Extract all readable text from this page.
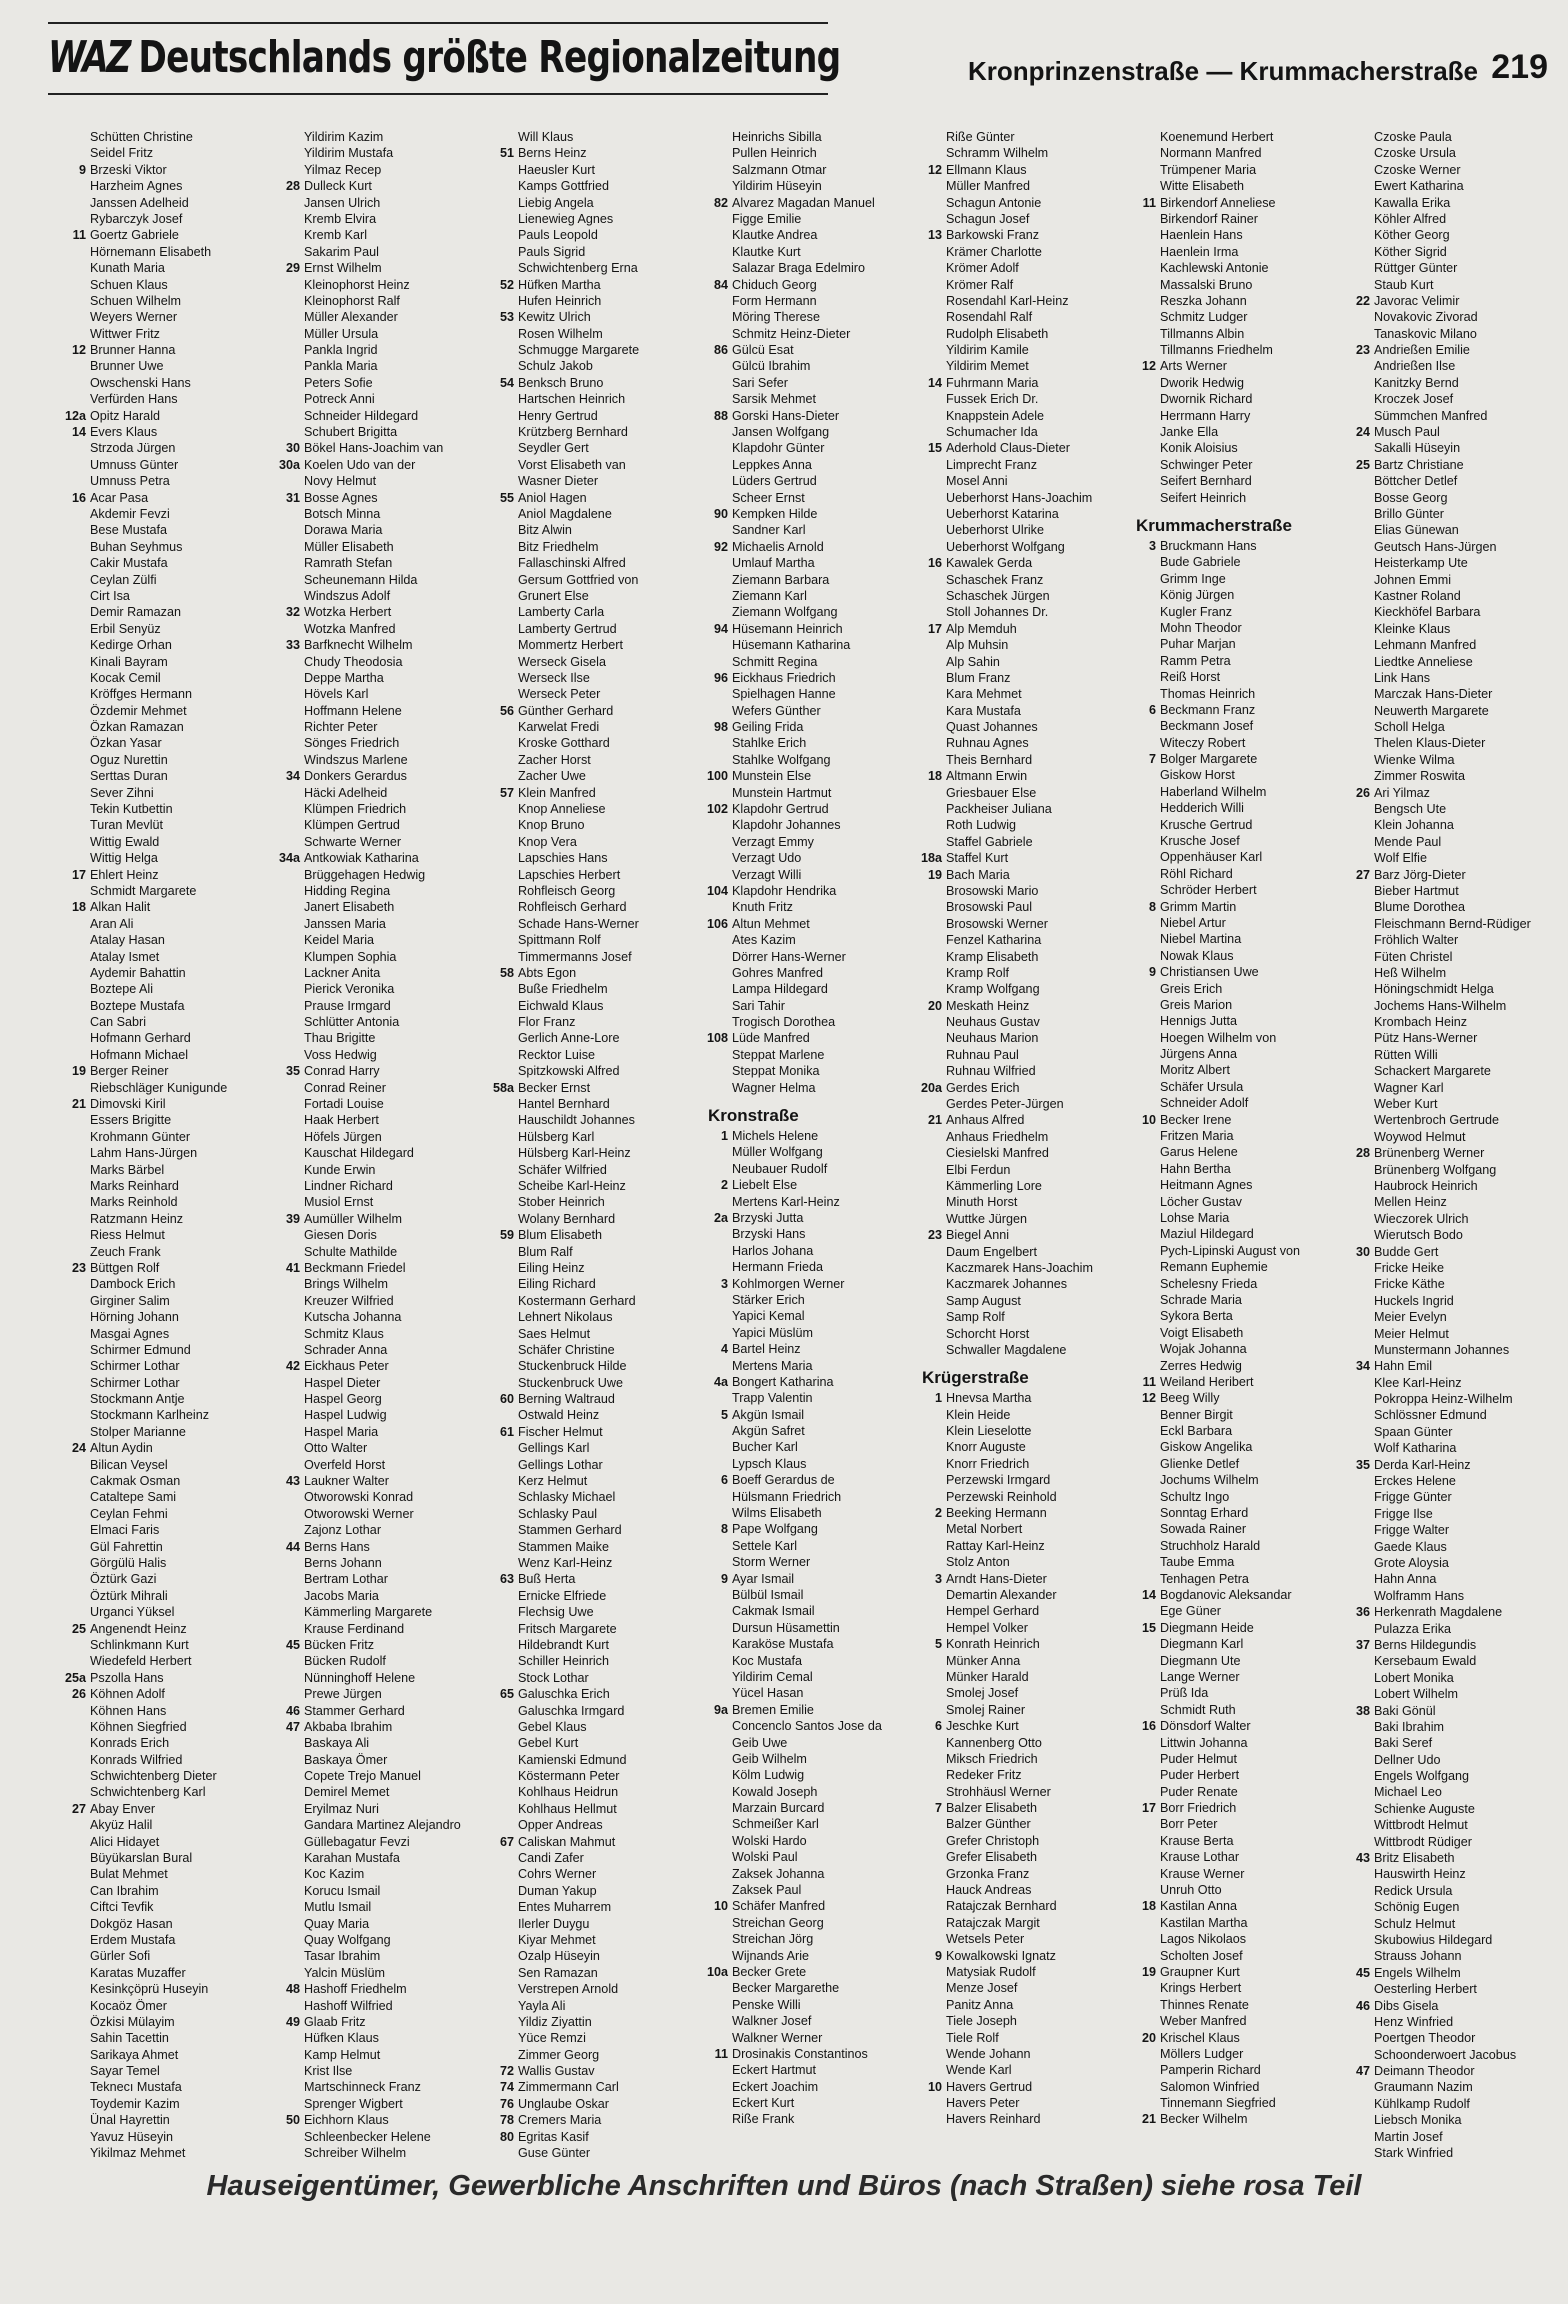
WAZ Deutschlands größte Regionalzeitung	Kronprinzenstraße — Krummacherstraße 219
Schütten Christine
Seidel Fritz
9 Brzeski Viktor
Harzheim Agnes
Janssen Adelheid
Rybarczyk Josef
11 Goertz Gabriele
Hörnemann Elisabeth
Kunath Maria
Schuen Klaus
Schuen Wilhelm
Weyers Werner
Wittwer Fritz
12 Brunner Hanna
Brunner Uwe
Owschenski Hans
Verfürden Hans
12a Opitz Harald
14 Evers Klaus
Strzoda Jürgen
Umnuss Günter
Umnuss Petra
16 Acar Pasa
Akdemir Fevzi
Bese Mustafa
Buhan Seyhmus
Cakir Mustafa
Ceylan Zülfi
Cirt Isa
Demir Ramazan
Erbil Senyüz
Kedirge Orhan
Kinali Bayram
Kocak Cemil
Kröffges Hermann
Özdemir Mehmet
Özkan Ramazan
Özkan Yasar
Oguz Nurettin
Serttas Duran
Sever Zihni
Tekin Kutbettin
Turan Mevlüt
Wittig Ewald
Wittig Helga
17 Ehlert Heinz
Schmidt Margarete
18 Alkan Halit
Aran Ali
Atalay Hasan
Atalay Ismet
Aydemir Bahattin
Boztepe Ali
Boztepe Mustafa
Can Sabri
Hofmann Gerhard
Hofmann Michael
19 Berger Reiner
Riebschläger Kunigunde
21 Dimovski Kiril
Essers Brigitte
Krohmann Günter
Lahm Hans-Jürgen
Marks Bärbel
Marks Reinhard
Marks Reinhold
Ratzmann Heinz
Riess Helmut
Zeuch Frank
23 Büttgen Rolf
Dambock Erich
Girginer Salim
Hörning Johann
Masgai Agnes
Schirmer Edmund
Schirmer Lothar
Schirmer Lothar
Stockmann Antje
Stockmann Karlheinz
Stolper Marianne
24 Altun Aydin
Bilican Veysel
Cakmak Osman
Cataltepe Sami
Ceylan Fehmi
Elmaci Faris
Gül Fahrettin
Görgülü Halis
Öztürk Gazi
Öztürk Mihrali
Urganci Yüksel
25 Angenendt Heinz
Schlinkmann Kurt
Wiedefeld Herbert
25a Pszolla Hans
26 Köhnen Adolf
Köhnen Hans
Köhnen Siegfried
Konrads Erich
Konrads Wilfried
Schwichtenberg Dieter
Schwichtenberg Karl
27 Abay Enver
Akyüz Halil
Alici Hidayet
Büyükarslan Bural
Bulat Mehmet
Can Ibrahim
Ciftci Tevfik
Dokgöz Hasan
Erdem Mustafa
Gürler Sofi
Karatas Muzaffer
Kesinkçöprü Huseyin
Kocaöz Ömer
Özkisi Mülayim
Sahin Tacettin
Sarikaya Ahmet
Sayar Temel
Teknecı Mustafa
Toydemir Kazim
Ünal Hayrettin
Yavuz Hüseyin
Yikilmaz Mehmet
Yildirim Kazim
Yildirim Mustafa
Yilmaz Recep
28 Dulleck Kurt
Jansen Ulrich
Kremb Elvira
Kremb Karl
Sakarim Paul
29 Ernst Wilhelm
Kleinophorst Heinz
Kleinophorst Ralf
Müller Alexander
Müller Ursula
Pankla Ingrid
Pankla Maria
Peters Sofie
Potreck Anni
Schneider Hildegard
Schubert Brigitta
30 Bökel Hans-Joachim van
30a Koelen Udo van der
Novy Helmut
31 Bosse Agnes
Botsch Minna
Dorawa Maria
Müller Elisabeth
Ramrath Stefan
Scheunemann Hilda
Windszus Adolf
32 Wotzka Herbert
Wotzka Manfred
33 Barfknecht Wilhelm
Chudy Theodosia
Deppe Martha
Hövels Karl
Hoffmann Helene
Richter Peter
Sönges Friedrich
Windszus Marlene
34 Donkers Gerardus
Häcki Adelheid
Klümpen Friedrich
Klümpen Gertrud
Schwarte Werner
34a Antkowiak Katharina
Brüggehagen Hedwig
Hidding Regina
Janert Elisabeth
Janssen Maria
Keidel Maria
Klumpen Sophia
Lackner Anita
Pierick Veronika
Prause Irmgard
Schlütter Antonia
Thau Brigitte
Voss Hedwig
35 Conrad Harry
Conrad Reiner
Fortadi Louise
Haak Herbert
Höfels Jürgen
Kauschat Hildegard
Kunde Erwin
Lindner Richard
Musiol Ernst
39 Aumüller Wilhelm
Giesen Doris
Schulte Mathilde
41 Beckmann Friedel
Brings Wilhelm
Kreuzer Wilfried
Kutscha Johanna
Schmitz Klaus
Schrader Anna
42 Eickhaus Peter
Haspel Dieter
Haspel Georg
Haspel Ludwig
Haspel Maria
Otto Walter
Overfeld Horst
43 Laukner Walter
Otworowski Konrad
Otworowski Werner
Zajonz Lothar
44 Berns Hans
Berns Johann
Bertram Lothar
Jacobs Maria
Kämmerling Margarete
Krause Ferdinand
45 Bücken Fritz
Bücken Rudolf
Nünninghoff Helene
Prewe Jürgen
46 Stammer Gerhard
47 Akbaba Ibrahim
Baskaya Ali
Baskaya Ömer
Copete Trejo Manuel
Demirel Memet
Eryilmaz Nuri
Gandara Martinez Alejandro
Güllebagatur Fevzi
Karahan Mustafa
Koc Kazim
Korucu Ismail
Mutlu Ismail
Quay Maria
Quay Wolfgang
Tasar Ibrahim
Yalcin Müslüm
48 Hashoff Friedhelm
Hashoff Wilfried
49 Glaab Fritz
Hüfken Klaus
Kamp Helmut
Krist Ilse
Martschinneck Franz
Sprenger Wigbert
50 Eichhorn Klaus
Schleenbecker Helene
Schreiber Wilhelm
Will Klaus
51 Berns Heinz
Haeusler Kurt
Kamps Gottfried
Liebig Angela
Lienewieg Agnes
Pauls Leopold
Pauls Sigrid
Schwichtenberg Erna
52 Hüfken Martha
Hufen Heinrich
53 Kewitz Ulrich
Rosen Wilhelm
Schmugge Margarete
Schulz Jakob
54 Benksch Bruno
Hartschen Heinrich
Henry Gertrud
Krützberg Bernhard
Seydler Gert
Vorst Elisabeth van
Wasner Dieter
55 Aniol Hagen
Aniol Magdalene
Bitz Alwin
Bitz Friedhelm
Fallaschinski Alfred
Gersum Gottfried von
Grunert Else
Lamberty Carla
Lamberty Gertrud
Mommertz Herbert
Werseck Gisela
Werseck Ilse
Werseck Peter
56 Günther Gerhard
Karwelat Fredi
Kroske Gotthard
Zacher Horst
Zacher Uwe
57 Klein Manfred
Knop Anneliese
Knop Bruno
Knop Vera
Lapschies Hans
Lapschies Herbert
Rohfleisch Georg
Rohfleisch Gerhard
Schade Hans-Werner
Spittmann Rolf
Timmermanns Josef
58 Abts Egon
Buße Friedhelm
Eichwald Klaus
Flor Franz
Gerlich Anne-Lore
Recktor Luise
Spitzkowski Alfred
58a Becker Ernst
Hantel Bernhard
Hauschildt Johannes
Hülsberg Karl
Hülsberg Karl-Heinz
Schäfer Wilfried
Scheibe Karl-Heinz
Stober Heinrich
Wolany Bernhard
59 Blum Elisabeth
Blum Ralf
Eiling Heinz
Eiling Richard
Kostermann Gerhard
Lehnert Nikolaus
Saes Helmut
Schäfer Christine
Stuckenbruck Hilde
Stuckenbruck Uwe
60 Berning Waltraud
Ostwald Heinz
61 Fischer Helmut
Gellings Karl
Gellings Lothar
Kerz Helmut
Schlasky Michael
Schlasky Paul
Stammen Gerhard
Stammen Maike
Wenz Karl-Heinz
63 Buß Herta
Ernicke Elfriede
Flechsig Uwe
Fritsch Margarete
Hildebrandt Kurt
Schiller Heinrich
Stock Lothar
65 Galuschka Erich
Galuschka Irmgard
Gebel Klaus
Gebel Kurt
Kamienski Edmund
Köstermann Peter
Kohlhaus Heidrun
Kohlhaus Hellmut
Opper Andreas
67 Caliskan Mahmut
Candi Zafer
Cohrs Werner
Duman Yakup
Entes Muharrem
Ilerler Duygu
Kiyar Mehmet
Ozalp Hüseyin
Sen Ramazan
Verstrepen Arnold
Yayla Ali
Yildiz Ziyattin
Yüce Remzi
Zimmer Georg
72 Wallis Gustav
74 Zimmermann Carl
76 Unglaube Oskar
78 Cremers Maria
80 Egritas Kasif
Guse Günter
Heinrichs Sibilla
Pullen Heinrich
Salzmann Otmar
Yildirim Hüseyin
82 Alvarez Magadan Manuel
Figge Emilie
Klautke Andrea
Klautke Kurt
Salazar Braga Edelmiro
84 Chiduch Georg
Form Hermann
Möring Therese
Schmitz Heinz-Dieter
86 Gülcü Esat
Gülcü Ibrahim
Sari Sefer
Sarsik Mehmet
88 Gorski Hans-Dieter
Jansen Wolfgang
Klapdohr Günter
Leppkes Anna
Lüders Gertrud
Scheer Ernst
90 Kempken Hilde
Sandner Karl
92 Michaelis Arnold
Umlauf Martha
Ziemann Barbara
Ziemann Karl
Ziemann Wolfgang
94 Hüsemann Heinrich
Hüsemann Katharina
Schmitt Regina
96 Eickhaus Friedrich
Spielhagen Hanne
Wefers Günther
98 Geiling Frida
Stahlke Erich
Stahlke Wolfgang
100 Munstein Else
Munstein Hartmut
102 Klapdohr Gertrud
Klapdohr Johannes
Verzagt Emmy
Verzagt Udo
Verzagt Willi
104 Klapdohr Hendrika
Knuth Fritz
106 Altun Mehmet
Ates Kazim
Dörrer Hans-Werner
Gohres Manfred
Lampa Hildegard
Sari Tahir
Trogisch Dorothea
108 Lüde Manfred
Steppat Marlene
Steppat Monika
Wagner Helma
Kronstraße
1 Michels Helene
Müller Wolfgang
Neubauer Rudolf
2 Liebelt Else
Mertens Karl-Heinz
2a Brzyski Jutta
Brzyski Hans
Harlos Johana
Hermann Frieda
3 Kohlmorgen Werner
Stärker Erich
Yapici Kemal
Yapici Müslüm
4 Bartel Heinz
Mertens Maria
4a Bongert Katharina
Trapp Valentin
5 Akgün Ismail
Akgün Safret
Bucher Karl
Lypsch Klaus
6 Boeff Gerardus de
Hülsmann Friedrich
Wilms Elisabeth
8 Pape Wolfgang
Settele Karl
Storm Werner
9 Ayar Ismail
Bülbül Ismail
Cakmak Ismail
Dursun Hüsamettin
Karaköse Mustafa
Koc Mustafa
Yildirim Cemal
Yücel Hasan
9a Bremen Emilie
Concenclo Santos Jose da
Geib Uwe
Geib Wilhelm
Kölm Ludwig
Kowald Joseph
Marzain Burcard
Schmeißer Karl
Wolski Hardo
Wolski Paul
Zaksek Johanna
Zaksek Paul
10 Schäfer Manfred
Streichan Georg
Streichan Jörg
Wijnands Arie
10a Becker Grete
Becker Margarethe
Penske Willi
Walkner Josef
Walkner Werner
11 Drosinakis Constantinos
Eckert Hartmut
Eckert Joachim
Eckert Kurt
Riße Frank
Riße Günter
Schramm Wilhelm
12 Ellmann Klaus
Müller Manfred
Schagun Antonie
Schagun Josef
13 Barkowski Franz
Krämer Charlotte
Krömer Adolf
Krömer Ralf
Rosendahl Karl-Heinz
Rosendahl Ralf
Rudolph Elisabeth
Yildirim Kamile
Yildirim Memet
14 Fuhrmann Maria
Fussek Erich Dr.
Knappstein Adele
Schumacher Ida
15 Aderhold Claus-Dieter
Limprecht Franz
Mosel Anni
Ueberhorst Hans-Joachim
Ueberhorst Katarina
Ueberhorst Ulrike
Ueberhorst Wolfgang
16 Kawalek Gerda
Schaschek Franz
Schaschek Jürgen
Stoll Johannes Dr.
17 Alp Memduh
Alp Muhsin
Alp Sahin
Blum Franz
Kara Mehmet
Kara Mustafa
Quast Johannes
Ruhnau Agnes
Theis Bernhard
18 Altmann Erwin
Griesbauer Else
Packheiser Juliana
Roth Ludwig
Staffel Gabriele
18a Staffel Kurt
19 Bach Maria
Brosowski Mario
Brosowski Paul
Brosowski Werner
Fenzel Katharina
Kramp Elisabeth
Kramp Rolf
Kramp Wolfgang
20 Meskath Heinz
Neuhaus Gustav
Neuhaus Marion
Ruhnau Paul
Ruhnau Wilfried
20a Gerdes Erich
Gerdes Peter-Jürgen
21 Anhaus Alfred
Anhaus Friedhelm
Ciesielski Manfred
Elbi Ferdun
Kämmerling Lore
Minuth Horst
Wuttke Jürgen
23 Biegel Anni
Daum Engelbert
Kaczmarek Hans-Joachim
Kaczmarek Johannes
Samp August
Samp Rolf
Schorcht Horst
Schwaller Magdalene
Krügerstraße
1 Hnevsa Martha
Klein Heide
Klein Lieselotte
Knorr Auguste
Knorr Friedrich
Perzewski Irmgard
Perzewski Reinhold
2 Beeking Hermann
Metal Norbert
Rattay Karl-Heinz
Stolz Anton
3 Arndt Hans-Dieter
Demartin Alexander
Hempel Gerhard
Hempel Volker
5 Konrath Heinrich
Münker Anna
Münker Harald
Smolej Josef
Smolej Rainer
6 Jeschke Kurt
Kannenberg Otto
Miksch Friedrich
Redeker Fritz
Strohhäusl Werner
7 Balzer Elisabeth
Balzer Günther
Grefer Christoph
Grefer Elisabeth
Grzonka Franz
Hauck Andreas
Ratajczak Bernhard
Ratajczak Margit
Wetsels Peter
9 Kowalkowski Ignatz
Matysiak Rudolf
Menze Josef
Panitz Anna
Tiele Joseph
Tiele Rolf
Wende Johann
Wende Karl
10 Havers Gertrud
Havers Peter
Havers Reinhard
Koenemund Herbert
Normann Manfred
Trümpener Maria
Witte Elisabeth
11 Birkendorf Anneliese
Birkendorf Rainer
Haenlein Hans
Haenlein Irma
Kachlewski Antonie
Massalski Bruno
Reszka Johann
Schmitz Ludger
Tillmanns Albin
Tillmanns Friedhelm
12 Arts Werner
Dworik Hedwig
Dwornik Richard
Herrmann Harry
Janke Ella
Konik Aloisius
Schwinger Peter
Seifert Bernhard
Seifert Heinrich
Krummacherstraße
3 Bruckmann Hans
Bude Gabriele
Grimm Inge
König Jürgen
Kugler Franz
Mohn Theodor
Puhar Marjan
Ramm Petra
Reiß Horst
Thomas Heinrich
6 Beckmann Franz
Beckmann Josef
Witeczy Robert
7 Bolger Margarete
Giskow Horst
Haberland Wilhelm
Hedderich Willi
Krusche Gertrud
Krusche Josef
Oppenhäuser Karl
Röhl Richard
Schröder Herbert
8 Grimm Martin
Niebel Artur
Niebel Martina
Nowak Klaus
9 Christiansen Uwe
Greis Erich
Greis Marion
Hennigs Jutta
Hoegen Wilhelm von
Jürgens Anna
Moritz Albert
Schäfer Ursula
Schneider Adolf
10 Becker Irene
Fritzen Maria
Garus Helene
Hahn Bertha
Heitmann Agnes
Löcher Gustav
Lohse Maria
Maziul Hildegard
Pych-Lipinski August von
Remann Euphemie
Schelesny Frieda
Schrade Maria
Sykora Berta
Voigt Elisabeth
Wojak Johanna
Zerres Hedwig
11 Weiland Heribert
12 Beeg Willy
Benner Birgit
Eckl Barbara
Giskow Angelika
Glienke Detlef
Jochums Wilhelm
Schultz Ingo
Sonntag Erhard
Sowada Rainer
Struchholz Harald
Taube Emma
Tenhagen Petra
14 Bogdanovic Aleksandar
Ege Güner
15 Diegmann Heide
Diegmann Karl
Diegmann Ute
Lange Werner
Prüß Ida
Schmidt Ruth
16 Dönsdorf Walter
Littwin Johanna
Puder Helmut
Puder Herbert
Puder Renate
17 Borr Friedrich
Borr Peter
Krause Berta
Krause Lothar
Krause Werner
Unruh Otto
18 Kastilan Anna
Kastilan Martha
Lagos Nikolaos
Scholten Josef
19 Graupner Kurt
Krings Herbert
Thinnes Renate
Weber Manfred
20 Krischel Klaus
Möllers Ludger
Pamperin Richard
Salomon Winfried
Tinnemann Siegfried
21 Becker Wilhelm
Czoske Paula
Czoske Ursula
Czoske Werner
Ewert Katharina
Kawalla Erika
Köhler Alfred
Köther Georg
Köther Sigrid
Rüttger Günter
Staub Kurt
22 Javorac Velimir
Novakovic Zivorad
Tanaskovic Milano
23 Andrießen Emilie
Andrießen Ilse
Kanitzky Bernd
Kroczek Josef
Sümmchen Manfred
24 Musch Paul
Sakalli Hüseyin
25 Bartz Christiane
Böttcher Detlef
Bosse Georg
Brillo Günter
Elias Günewan
Geutsch Hans-Jürgen
Heisterkamp Ute
Johnen Emmi
Kastner Roland
Kieckhöfel Barbara
Kleinke Klaus
Lehmann Manfred
Liedtke Anneliese
Link Hans
Marczak Hans-Dieter
Neuwerth Margarete
Scholl Helga
Thelen Klaus-Dieter
Wienke Wilma
Zimmer Roswita
26 Ari Yilmaz
Bengsch Ute
Klein Johanna
Mende Paul
Wolf Elfie
27 Barz Jörg-Dieter
Bieber Hartmut
Blume Dorothea
Fleischmann Bernd-Rüdiger
Fröhlich Walter
Füten Christel
Heß Wilhelm
Höningschmidt Helga
Jochems Hans-Wilhelm
Krombach Heinz
Pütz Hans-Werner
Rütten Willi
Schackert Margarete
Wagner Karl
Weber Kurt
Wertenbroch Gertrude
Woywod Helmut
28 Brünenberg Werner
Brünenberg Wolfgang
Haubrock Heinrich
Mellen Heinz
Wieczorek Ulrich
Wierutsch Bodo
30 Budde Gert
Fricke Heike
Fricke Käthe
Huckels Ingrid
Meier Evelyn
Meier Helmut
Munstermann Johannes
34 Hahn Emil
Klee Karl-Heinz
Pokroppa Heinz-Wilhelm
Schlössner Edmund
Spaan Günter
Wolf Katharina
35 Derda Karl-Heinz
Erckes Helene
Frigge Günter
Frigge Ilse
Frigge Walter
Gaede Klaus
Grote Aloysia
Hahn Anna
Wolframm Hans
36 Herkenrath Magdalene
Pulazza Erika
37 Berns Hildegundis
Kersebaum Ewald
Lobert Monika
Lobert Wilhelm
38 Baki Gönül
Baki Ibrahim
Baki Seref
Dellner Udo
Engels Wolfgang
Michael Leo
Schienke Auguste
Wittbrodt Helmut
Wittbrodt Rüdiger
43 Britz Elisabeth
Hauswirth Heinz
Redick Ursula
Schönig Eugen
Schulz Helmut
Skubowius Hildegard
Strauss Johann
45 Engels Wilhelm
Oesterling Herbert
46 Dibs Gisela
Henz Winfried
Poertgen Theodor
Schoonderwoert Jacobus
47 Deimann Theodor
Graumann Nazim
Kühlkamp Rudolf
Liebsch Monika
Martin Josef
Stark Winfried
Hauseigentümer, Gewerbliche Anschriften und Büros (nach Straßen) siehe rosa Teil
